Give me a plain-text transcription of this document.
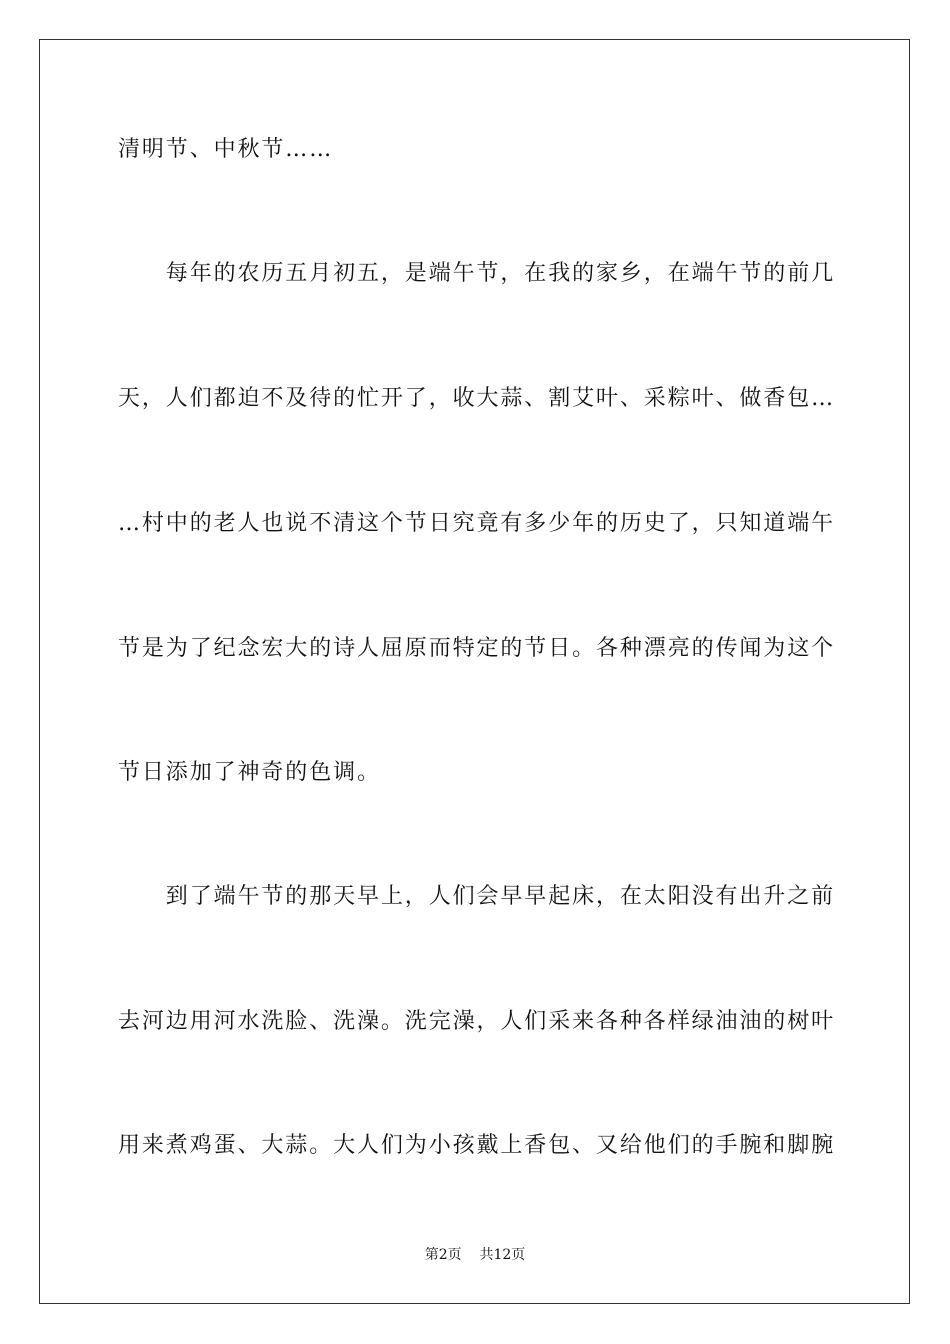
清明节、中秋节……
　　每年的农历五月初五，是端午节，在我的家乡，在端午节的前几
天，人们都迫不及待的忙开了，收大蒜、割艾叶、采粽叶、做香包…
…村中的老人也说不清这个节日究竟有多少年的历史了，只知道端午
节是为了纪念宏大的诗人屈原而特定的节日。各种漂亮的传闻为这个
节日添加了神奇的色调。
　　到了端午节的那天早上，人们会早早起床，在太阳没有出升之前
去河边用河水洗脸、洗澡。洗完澡，人们采来各种各样绿油油的树叶
用来煮鸡蛋、大蒜。大人们为小孩戴上香包、又给他们的手腕和脚腕
第2页 共12页
